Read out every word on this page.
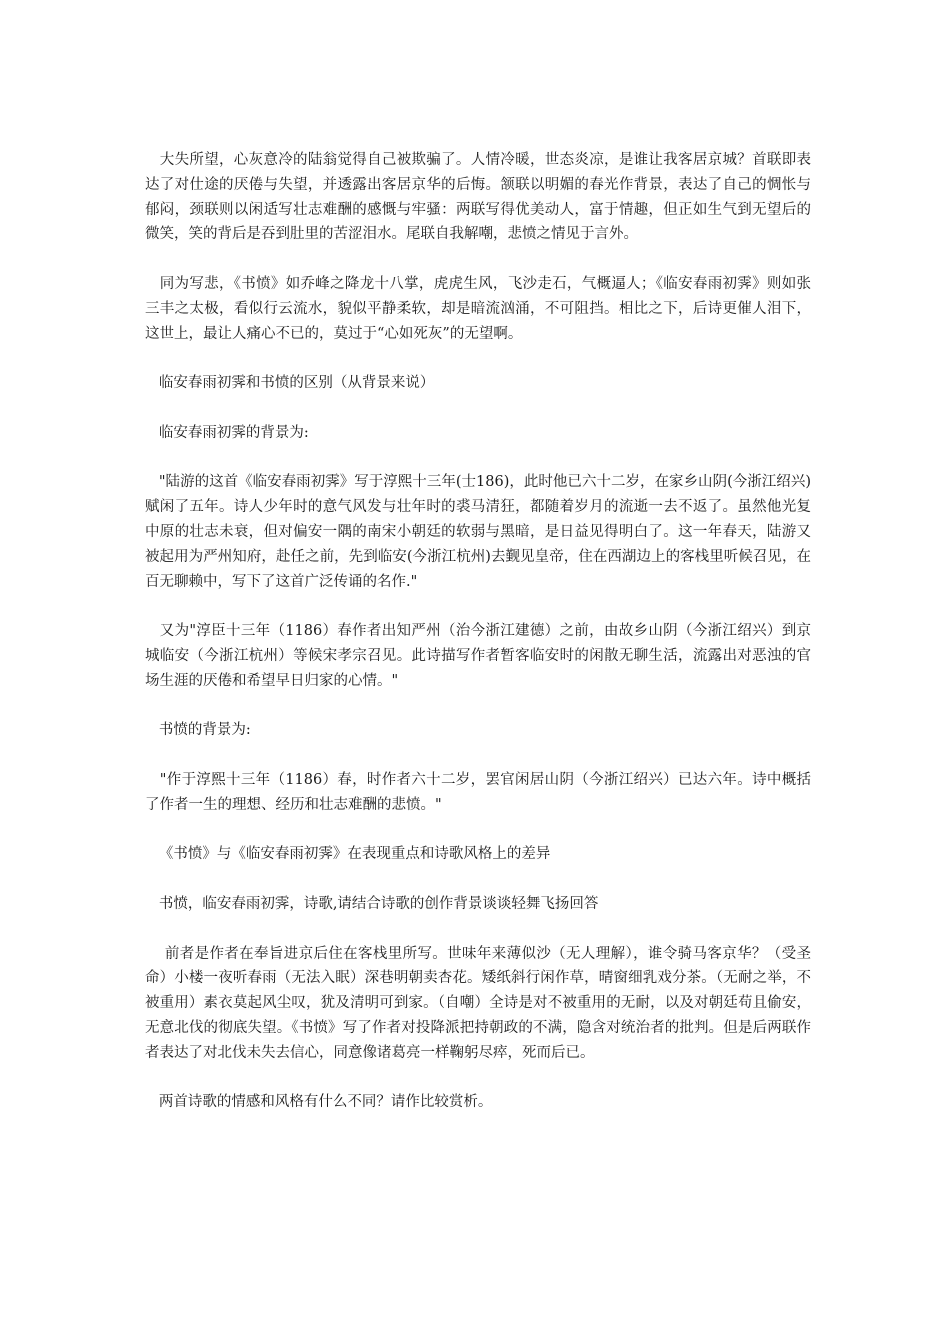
大失所望，心灰意冷的陆翁觉得自己被欺骗了。人情冷暖，世态炎凉，是谁让我客居京城？首联即表达了对仕途的厌倦与失望，并透露出客居京华的后悔。颔联以明媚的春光作背景，表达了自己的惆怅与郁闷，颈联则以闲适写壮志难酬的感慨与牢骚：两联写得优美动人，富于情趣，但正如生气到无望后的微笑，笑的背后是吞到肚里的苦涩泪水。尾联自我解嘲，悲愤之情见于言外。

同为写悲，《书愤》如乔峰之降龙十八掌，虎虎生风，飞沙走石，气概逼人；《临安春雨初霁》则如张三丰之太极，看似行云流水，貌似平静柔软，却是暗流汹涌，不可阻挡。相比之下，后诗更催人泪下，这世上，最让人痛心不已的，莫过于“心如死灰”的无望啊。

临安春雨初霁和书愤的区别（从背景来说）

临安春雨初霁的背景为:

"陆游的这首《临安春雨初霁》写于淳熙十三年(士186)，此时他已六十二岁，在家乡山阴(今浙江绍兴)赋闲了五年。诗人少年时的意气风发与壮年时的裘马清狂，都随着岁月的流逝一去不返了。虽然他光复中原的壮志未衰，但对偏安一隅的南宋小朝廷的软弱与黑暗，是日益见得明白了。这一年春天，陆游又被起用为严州知府，赴任之前，先到临安(今浙江杭州)去觐见皇帝，住在西湖边上的客栈里听候召见，在百无聊赖中，写下了这首广泛传诵的名作."

又为"淳臣十三年（1186）春作者出知严州（治今浙江建德）之前，由故乡山阴（今浙江绍兴）到京城临安（今浙江杭州）等候宋孝宗召见。此诗描写作者暂客临安时的闲散无聊生活，流露出对恶浊的官场生涯的厌倦和希望早日归家的心情。"

书愤的背景为:

"作于淳熙十三年（1186）春，时作者六十二岁，罢官闲居山阴（今浙江绍兴）已达六年。诗中概括了作者一生的理想、经历和壮志难酬的悲愤。"

《书愤》与《临安春雨初霁》在表现重点和诗歌风格上的差异

书愤，临安春雨初霁，诗歌,请结合诗歌的创作背景谈谈轻舞飞扬回答

前者是作者在奉旨进京后住在客栈里所写。世味年来薄似沙（无人理解），谁令骑马客京华？（受圣命）小楼一夜听春雨（无法入眠）深巷明朝卖杏花。矮纸斜行闲作草，晴窗细乳戏分茶。（无耐之举，不被重用）素衣莫起风尘叹，犹及清明可到家。（自嘲）全诗是对不被重用的无耐，以及对朝廷苟且偷安，无意北伐的彻底失望。《书愤》写了作者对投降派把持朝政的不满，隐含对统治者的批判。但是后两联作者表达了对北伐未失去信心，同意像诸葛亮一样鞠躬尽瘁，死而后已。

两首诗歌的情感和风格有什么不同？请作比较赏析。
